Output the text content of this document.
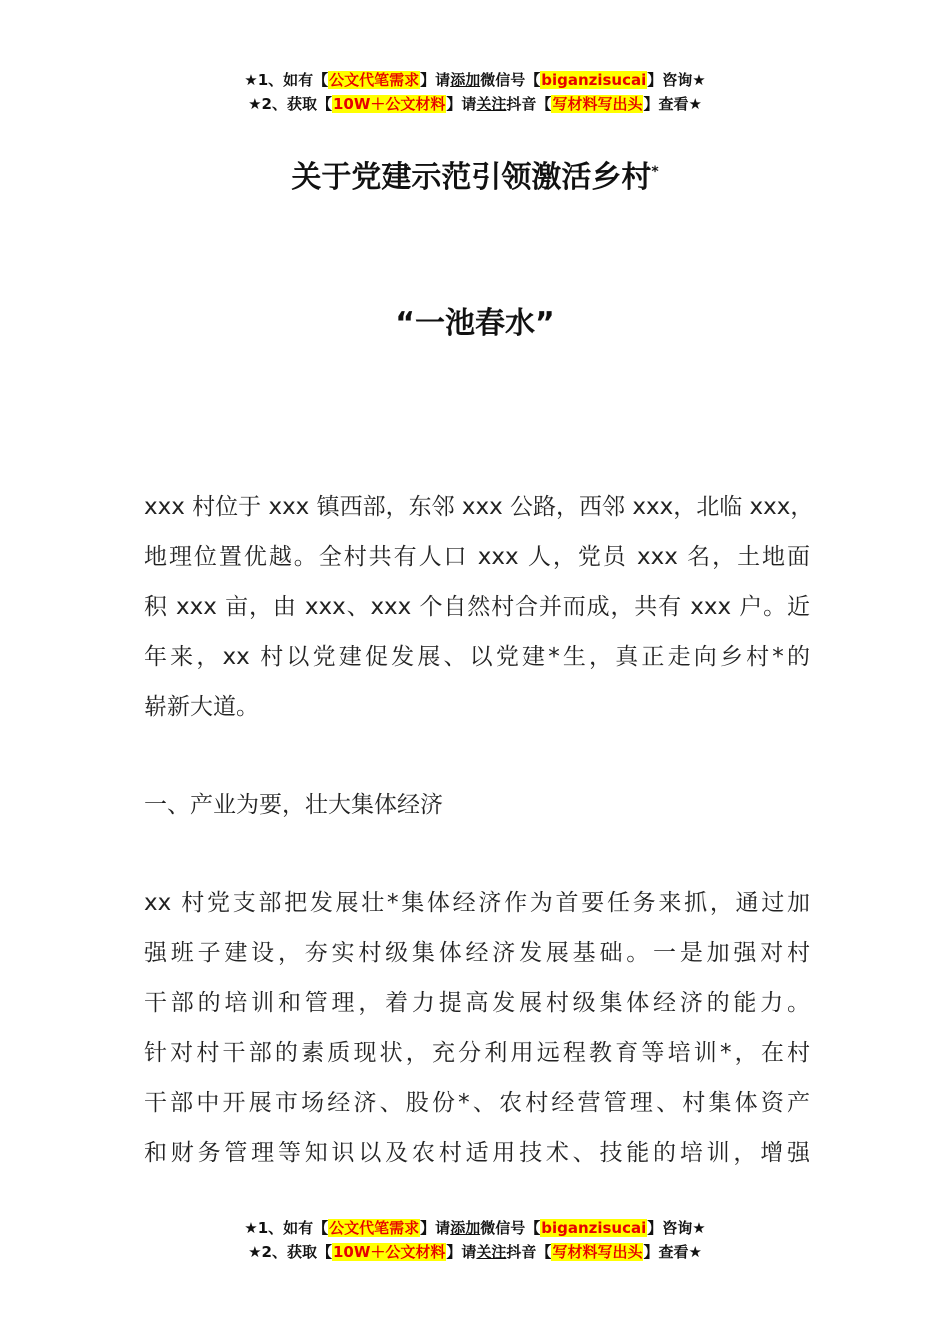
★1、如有【公文代笔需求】请添加微信号【biganzisucai】咨询★
★2、获取【10W＋公文材料】请关注抖音【写材料写出头】查看★
关于党建示范引领激活乡村*
“一池春水”
xxx 村位于 xxx 镇西部，东邻 xxx 公路，西邻 xxx，北临 xxx，
地理位置优越。全村共有人口 xxx 人，党员 xxx 名，土地面
积 xxx 亩，由 xxx、xxx 个自然村合并而成，共有 xxx 户。近
年来，xx 村以党建促发展、以党建*生，真正走向乡村*的
崭新大道。
一、产业为要，壮大集体经济
xx 村党支部把发展壮*集体经济作为首要任务来抓，通过加
强班子建设，夯实村级集体经济发展基础。一是加强对村
干部的培训和管理，着力提高发展村级集体经济的能力。
针对村干部的素质现状，充分利用远程教育等培训*，在村
干部中开展市场经济、股份*、农村经营管理、村集体资产
和财务管理等知识以及农村适用技术、技能的培训，增强
★1、如有【公文代笔需求】请添加微信号【biganzisucai】咨询★
★2、获取【10W＋公文材料】请关注抖音【写材料写出头】查看★
